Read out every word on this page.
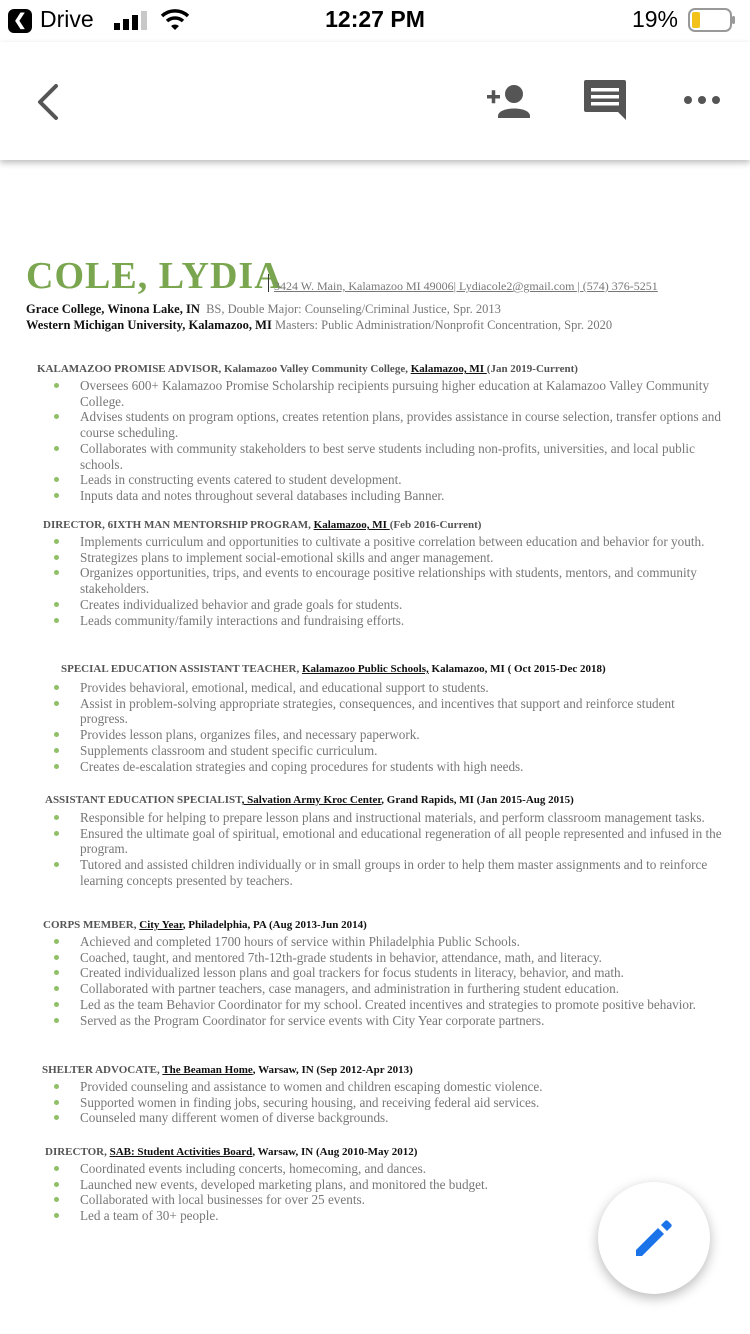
❮ Drive	12:27 PM	19%
COLE, LYDIA
3424 W. Main, Kalamazoo MI 49006| Lydiacole2@gmail.com | (574) 376-5251
Grace College, Winona Lake, IN BS, Double Major: Counseling/Criminal Justice, Spr. 2013
Western Michigan University, Kalamazoo, MI Masters: Public Administration/Nonprofit Concentration, Spr. 2020
KALAMAZOO PROMISE ADVISOR, Kalamazoo Valley Community College, Kalamazoo, MI (Jan 2019-Current)
Oversees 600+ Kalamazoo Promise Scholarship recipients pursuing higher education at Kalamazoo Valley Community College.
Advises students on program options, creates retention plans, provides assistance in course selection, transfer options and course scheduling.
Collaborates with community stakeholders to best serve students including non-profits, universities, and local public schools.
Leads in constructing events catered to student development.
Inputs data and notes throughout several databases including Banner.
DIRECTOR, 6IXTH MAN MENTORSHIP PROGRAM, Kalamazoo, MI (Feb 2016-Current)
Implements curriculum and opportunities to cultivate a positive correlation between education and behavior for youth.
Strategizes plans to implement social-emotional skills and anger management.
Organizes opportunities, trips, and events to encourage positive relationships with students, mentors, and community stakeholders.
Creates individualized behavior and grade goals for students.
Leads community/family interactions and fundraising efforts.
SPECIAL EDUCATION ASSISTANT TEACHER, Kalamazoo Public Schools, Kalamazoo, MI ( Oct 2015-Dec 2018)
Provides behavioral, emotional, medical, and educational support to students.
Assist in problem-solving appropriate strategies, consequences, and incentives that support and reinforce student progress.
Provides lesson plans, organizes files, and necessary paperwork.
Supplements classroom and student specific curriculum.
Creates de-escalation strategies and coping procedures for students with high needs.
ASSISTANT EDUCATION SPECIALIST, Salvation Army Kroc Center, Grand Rapids, MI (Jan 2015-Aug 2015)
Responsible for helping to prepare lesson plans and instructional materials, and perform classroom management tasks.
Ensured the ultimate goal of spiritual, emotional and educational regeneration of all people represented and infused in the program.
Tutored and assisted children individually or in small groups in order to help them master assignments and to reinforce learning concepts presented by teachers.
CORPS MEMBER, City Year, Philadelphia, PA (Aug 2013-Jun 2014)
Achieved and completed 1700 hours of service within Philadelphia Public Schools.
Coached, taught, and mentored 7th-12th-grade students in behavior, attendance, math, and literacy.
Created individualized lesson plans and goal trackers for focus students in literacy, behavior, and math.
Collaborated with partner teachers, case managers, and administration in furthering student education.
Led as the team Behavior Coordinator for my school. Created incentives and strategies to promote positive behavior.
Served as the Program Coordinator for service events with City Year corporate partners.
SHELTER ADVOCATE, The Beaman Home, Warsaw, IN (Sep 2012-Apr 2013)
Provided counseling and assistance to women and children escaping domestic violence.
Supported women in finding jobs, securing housing, and receiving federal aid services.
Counseled many different women of diverse backgrounds.
DIRECTOR, SAB: Student Activities Board, Warsaw, IN (Aug 2010-May 2012)
Coordinated events including concerts, homecoming, and dances.
Launched new events, developed marketing plans, and monitored the budget.
Collaborated with local businesses for over 25 events.
Led a team of 30+ people.
